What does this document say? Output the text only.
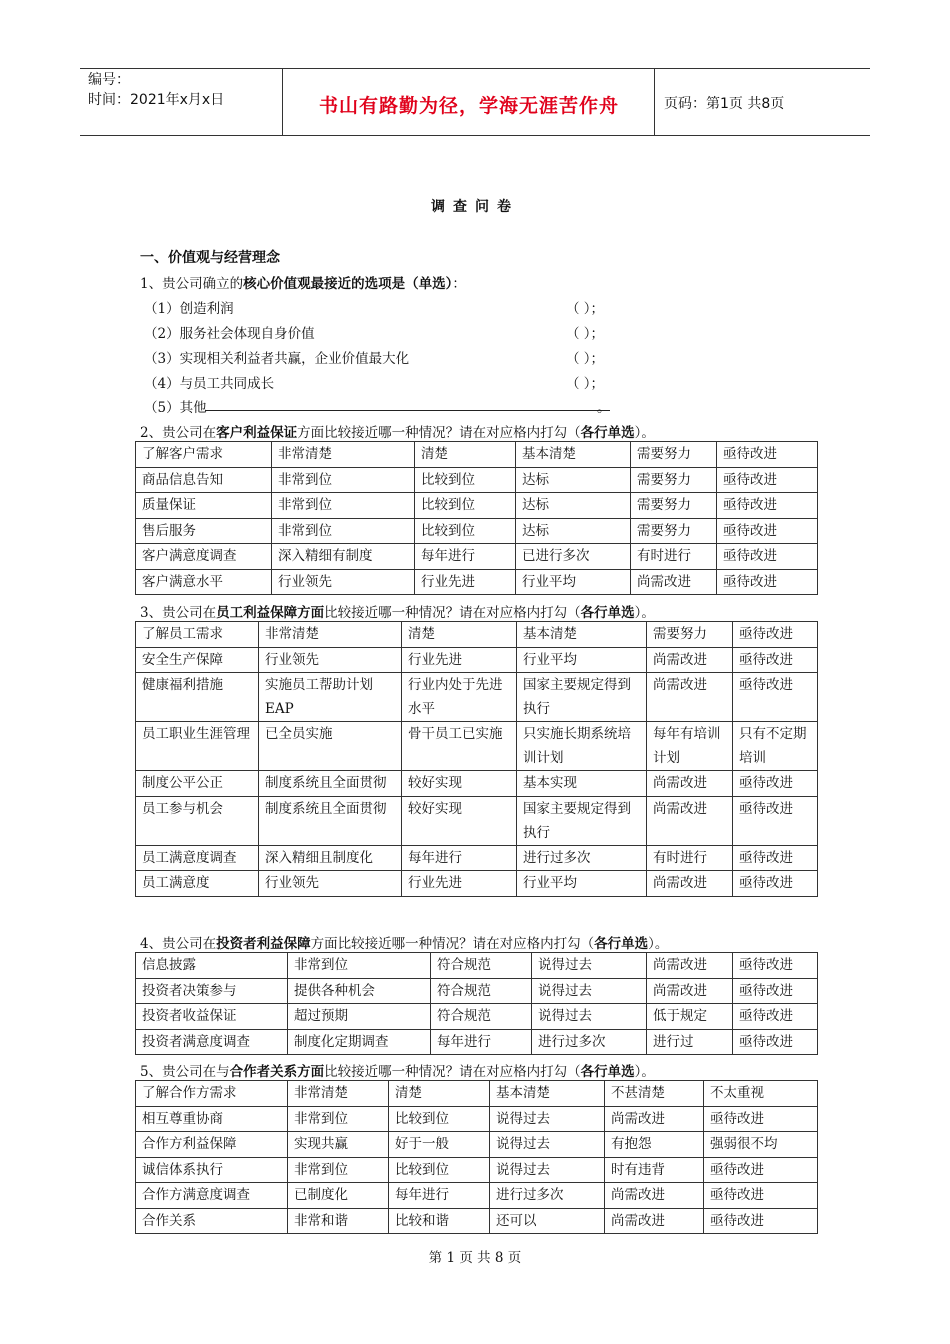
编号：
时间：2021年x月x日	书山有路勤为径，学海无涯苦作舟	页码：第1页 共8页
调查问卷
一、价值观与经营理念
1、贵公司确立的核心价值观最接近的选项是（单选）：
（1）创造利润
（2）服务社会体现自身价值
（3）实现相关利益者共赢，企业价值最大化
（4）与员工共同成长
（5）其他
（ ）；
（ ）；
（ ）；
（ ）；
。
2、贵公司在客户利益保证方面比较接近哪一种情况？请在对应格内打勾（各行单选）。
了解客户需求	非常清楚	清楚	基本清楚	需要努力	亟待改进
商品信息告知	非常到位	比较到位	达标	需要努力	亟待改进
质量保证	非常到位	比较到位	达标	需要努力	亟待改进
售后服务	非常到位	比较到位	达标	需要努力	亟待改进
客户满意度调查	深入精细有制度	每年进行	已进行多次	有时进行	亟待改进
客户满意水平	行业领先	行业先进	行业平均	尚需改进	亟待改进
3、贵公司在员工利益保障方面比较接近哪一种情况？请在对应格内打勾（各行单选）。
了解员工需求	非常清楚	清楚	基本清楚	需要努力	亟待改进
安全生产保障	行业领先	行业先进	行业平均	尚需改进	亟待改进
健康福利措施	实施员工帮助计划EAP	行业内处于先进水平	国家主要规定得到执行	尚需改进	亟待改进
员工职业生涯管理	已全员实施	骨干员工已实施	只实施长期系统培训计划	每年有培训计划	只有不定期培训
制度公平公正	制度系统且全面贯彻	较好实现	基本实现	尚需改进	亟待改进
员工参与机会	制度系统且全面贯彻	较好实现	国家主要规定得到执行	尚需改进	亟待改进
员工满意度调查	深入精细且制度化	每年进行	进行过多次	有时进行	亟待改进
员工满意度	行业领先	行业先进	行业平均	尚需改进	亟待改进
4、贵公司在投资者利益保障方面比较接近哪一种情况？请在对应格内打勾（各行单选）。
信息披露	非常到位	符合规范	说得过去	尚需改进	亟待改进
投资者决策参与	提供各种机会	符合规范	说得过去	尚需改进	亟待改进
投资者收益保证	超过预期	符合规范	说得过去	低于规定	亟待改进
投资者满意度调查	制度化定期调查	每年进行	进行过多次	进行过	亟待改进
5、贵公司在与合作者关系方面比较接近哪一种情况？请在对应格内打勾（各行单选）。
了解合作方需求	非常清楚	清楚	基本清楚	不甚清楚	不太重视
相互尊重协商	非常到位	比较到位	说得过去	尚需改进	亟待改进
合作方利益保障	实现共赢	好于一般	说得过去	有抱怨	强弱很不均
诚信体系执行	非常到位	比较到位	说得过去	时有违背	亟待改进
合作方满意度调查	已制度化	每年进行	进行过多次	尚需改进	亟待改进
合作关系	非常和谐	比较和谐	还可以	尚需改进	亟待改进
第 1 页 共 8 页
